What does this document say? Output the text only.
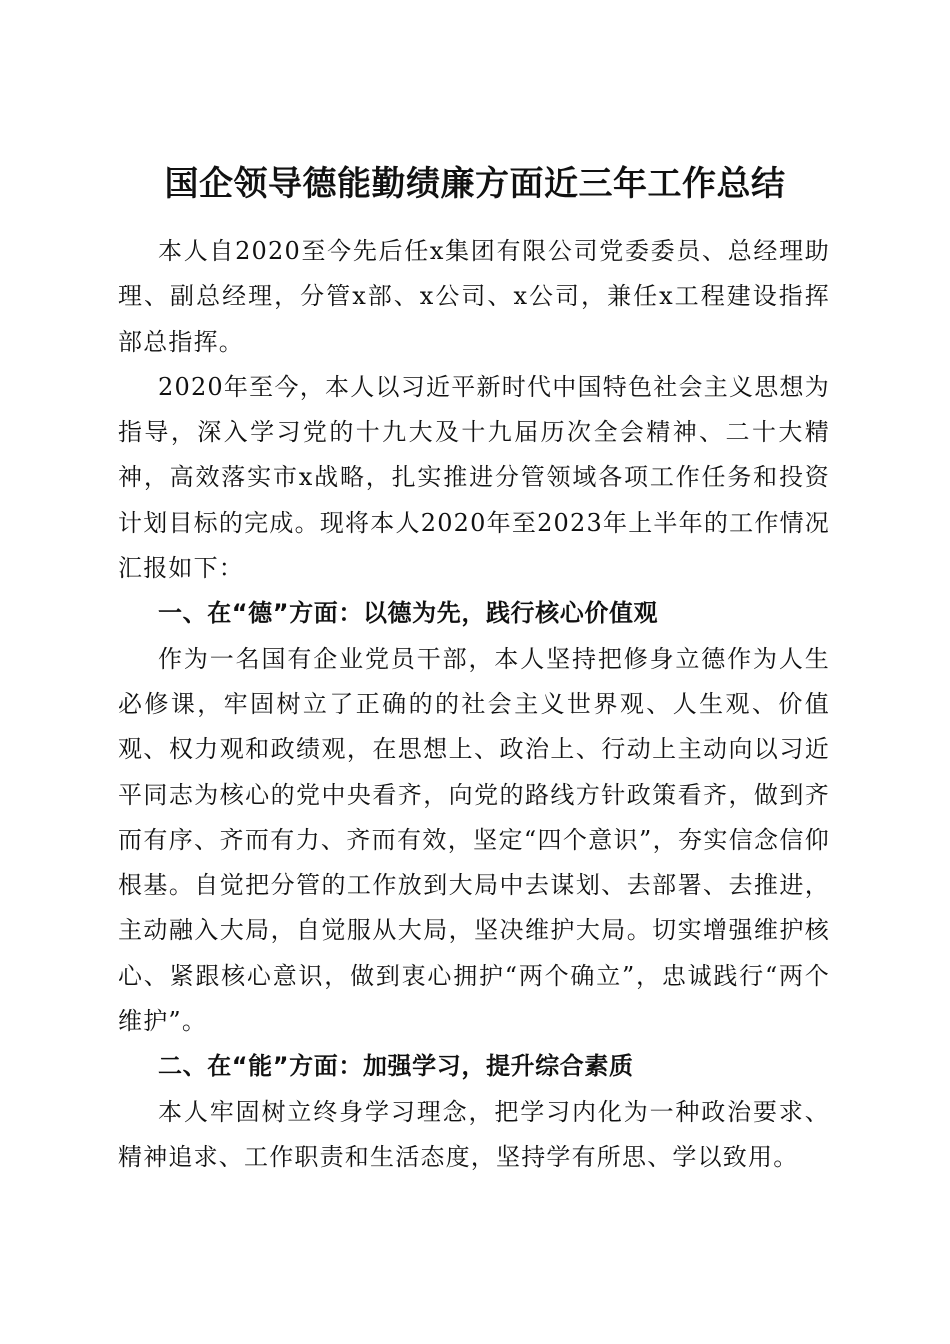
国企领导德能勤绩廉方面近三年工作总结

本人自2020至今先后任x集团有限公司党委委员、总经理助理、副总经理，分管x部、x公司、x公司，兼任x工程建设指挥部总指挥。

2020年至今，本人以习近平新时代中国特色社会主义思想为指导，深入学习党的十九大及十九届历次全会精神、二十大精神，高效落实市x战略，扎实推进分管领域各项工作任务和投资计划目标的完成。现将本人2020年至2023年上半年的工作情况汇报如下：

一、在“德”方面：以德为先，践行核心价值观

作为一名国有企业党员干部，本人坚持把修身立德作为人生必修课，牢固树立了正确的的社会主义世界观、人生观、价值观、权力观和政绩观，在思想上、政治上、行动上主动向以习近平同志为核心的党中央看齐，向党的路线方针政策看齐，做到齐而有序、齐而有力、齐而有效，坚定“四个意识”，夯实信念信仰根基。自觉把分管的工作放到大局中去谋划、去部署、去推进，主动融入大局，自觉服从大局，坚决维护大局。切实增强维护核心、紧跟核心意识，做到衷心拥护“两个确立”，忠诚践行“两个维护”。

二、在“能”方面：加强学习，提升综合素质

本人牢固树立终身学习理念，把学习内化为一种政治要求、精神追求、工作职责和生活态度，坚持学有所思、学以致用。
